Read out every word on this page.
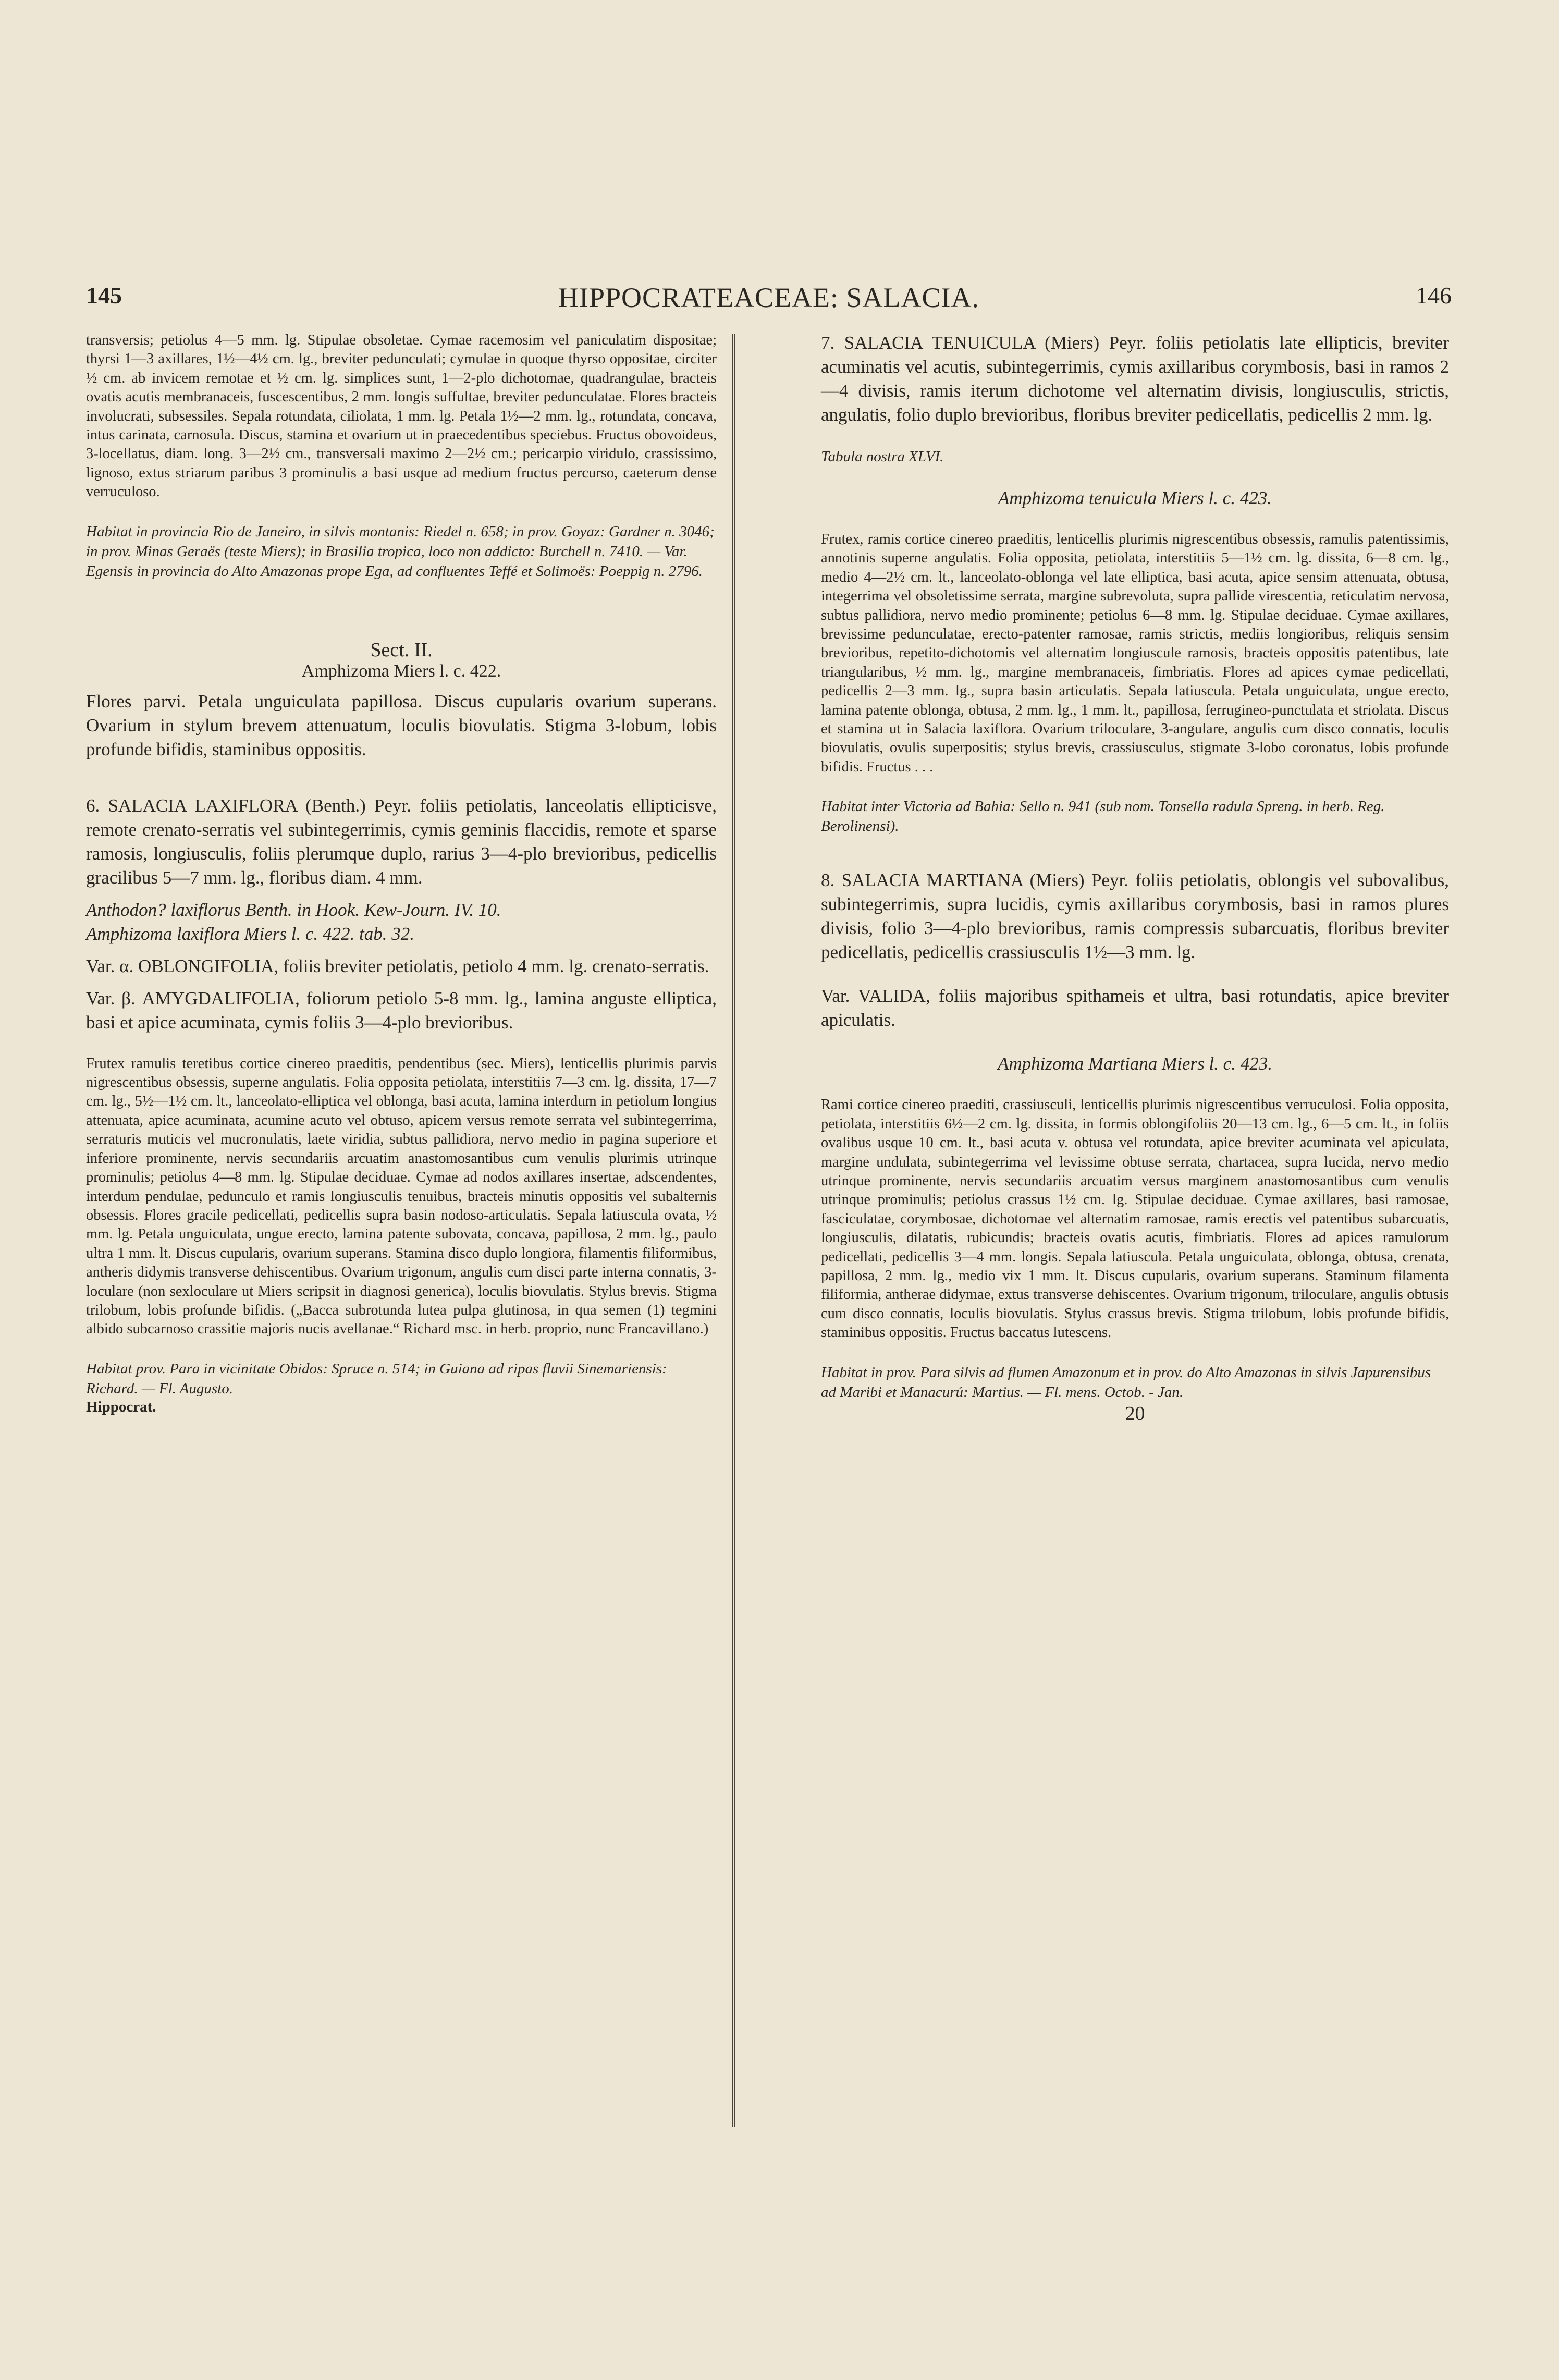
145	HIPPOCRATEACEAE: SALACIA.	146

transversis; petiolus 4—5 mm. lg. Stipulae obsoletae. Cymae racemosim vel paniculatim dispositae; thyrsi 1—3 axillares, 1½—4½ cm. lg., breviter pedunculati; cymulae in quoque thyrso oppositae, circiter ½ cm. ab invicem remotae et ½ cm. lg. simplices sunt, 1—2-plo dichotomae, quadrangulae, bracteis ovatis acutis membranaceis, fuscescentibus, 2 mm. longis suffultae, breviter pedunculatae. Flores bracteis involucrati, subsessiles. Sepala rotundata, ciliolata, 1 mm. lg. Petala 1½—2 mm. lg., rotundata, concava, intus carinata, carnosula. Discus, stamina et ovarium ut in praecedentibus speciebus. Fructus obovoideus, 3-locellatus, diam. long. 3—2½ cm., transversali maximo 2—2½ cm.; pericarpio viridulo, crassissimo, lignoso, extus striarum paribus 3 prominulis a basi usque ad medium fructus percurso, caeterum dense verruculoso.

Habitat in provincia Rio de Janeiro, in silvis montanis: Riedel n. 658; in prov. Goyaz: Gardner n. 3046; in prov. Minas Geraës (teste Miers); in Brasilia tropica, loco non addicto: Burchell n. 7410. — Var. Egensis in provincia do Alto Amazonas prope Ega, ad confluentes Teffé et Solimoës: Poeppig n. 2796.

Sect. II.

Amphizoma Miers l. c. 422.

Flores parvi. Petala unguiculata papillosa. Discus cupularis ovarium superans. Ovarium in stylum brevem attenuatum, loculis biovulatis. Stigma 3-lobum, lobis profunde bifidis, staminibus oppositis.

6. SALACIA LAXIFLORA (Benth.) Peyr. foliis petiolatis, lanceolatis ellipticisve, remote crenato-serratis vel subintegerrimis, cymis geminis flaccidis, remote et sparse ramosis, longiusculis, foliis plerumque duplo, rarius 3—4-plo brevioribus, pedicellis gracilibus 5—7 mm. lg., floribus diam. 4 mm.

Anthodon? laxiflorus Benth. in Hook. Kew-Journ. IV. 10.

Amphizoma laxiflora Miers l. c. 422. tab. 32.

Var. α. OBLONGIFOLIA, foliis breviter petiolatis, petiolo 4 mm. lg. crenato-serratis.

Var. β. AMYGDALIFOLIA, foliorum petiolo 5-8 mm. lg., lamina anguste elliptica, basi et apice acuminata, cymis foliis 3—4-plo brevioribus.

Frutex ramulis teretibus cortice cinereo praeditis, pendentibus (sec. Miers), lenticellis plurimis parvis nigrescentibus obsessis, superne angulatis. Folia opposita petiolata, interstitiis 7—3 cm. lg. dissita, 17—7 cm. lg., 5½—1½ cm. lt., lanceolato-elliptica vel oblonga, basi acuta, lamina interdum in petiolum longius attenuata, apice acuminata, acumine acuto vel obtuso, apicem versus remote serrata vel subintegerrima, serraturis muticis vel mucronulatis, laete viridia, subtus pallidiora, nervo medio in pagina superiore et inferiore prominente, nervis secundariis arcuatim anastomosantibus cum venulis plurimis utrinque prominulis; petiolus 4—8 mm. lg. Stipulae deciduae. Cymae ad nodos axillares insertae, adscendentes, interdum pendulae, pedunculo et ramis longiusculis tenuibus, bracteis minutis oppositis vel subalternis obsessis. Flores gracile pedicellati, pedicellis supra basin nodoso-articulatis. Sepala latiuscula ovata, ½ mm. lg. Petala unguiculata, ungue erecto, lamina patente subovata, concava, papillosa, 2 mm. lg., paulo ultra 1 mm. lt. Discus cupularis, ovarium superans. Stamina disco duplo longiora, filamentis filiformibus, antheris didymis transverse dehiscentibus. Ovarium trigonum, angulis cum disci parte interna connatis, 3-loculare (non sexloculare ut Miers scripsit in diagnosi generica), loculis biovulatis. Stylus brevis. Stigma trilobum, lobis profunde bifidis. („Bacca subrotunda lutea pulpa glutinosa, in qua semen (1) tegmini albido subcarnoso crassitie majoris nucis avellanae.“ Richard msc. in herb. proprio, nunc Francavillano.)

Habitat prov. Para in vicinitate Obidos: Spruce n. 514; in Guiana ad ripas fluvii Sinemariensis: Richard. — Fl. Augusto.

Hippocrat.

7. SALACIA TENUICULA (Miers) Peyr. foliis petiolatis late ellipticis, breviter acuminatis vel acutis, subintegerrimis, cymis axillaribus corymbosis, basi in ramos 2—4 divisis, ramis iterum dichotome vel alternatim divisis, longiusculis, strictis, angulatis, folio duplo brevioribus, floribus breviter pedicellatis, pedicellis 2 mm. lg.

Tabula nostra XLVI.

Amphizoma tenuicula Miers l. c. 423.

Frutex, ramis cortice cinereo praeditis, lenticellis plurimis nigrescentibus obsessis, ramulis patentissimis, annotinis superne angulatis. Folia opposita, petiolata, interstitiis 5—1½ cm. lg. dissita, 6—8 cm. lg., medio 4—2½ cm. lt., lanceolato-oblonga vel late elliptica, basi acuta, apice sensim attenuata, obtusa, integerrima vel obsoletissime serrata, margine subrevoluta, supra pallide virescentia, reticulatim nervosa, subtus pallidiora, nervo medio prominente; petiolus 6—8 mm. lg. Stipulae deciduae. Cymae axillares, brevissime pedunculatae, erecto-patenter ramosae, ramis strictis, mediis longioribus, reliquis sensim brevioribus, repetito-dichotomis vel alternatim longiuscule ramosis, bracteis oppositis patentibus, late triangularibus, ½ mm. lg., margine membranaceis, fimbriatis. Flores ad apices cymae pedicellati, pedicellis 2—3 mm. lg., supra basin articulatis. Sepala latiuscula. Petala unguiculata, ungue erecto, lamina patente oblonga, obtusa, 2 mm. lg., 1 mm. lt., papillosa, ferrugineo-punctulata et striolata. Discus et stamina ut in Salacia laxiflora. Ovarium triloculare, 3-angulare, angulis cum disco connatis, loculis biovulatis, ovulis superpositis; stylus brevis, crassiusculus, stigmate 3-lobo coronatus, lobis profunde bifidis. Fructus . . .

Habitat inter Victoria ad Bahia: Sello n. 941 (sub nom. Tonsella radula Spreng. in herb. Reg. Berolinensi).

8. SALACIA MARTIANA (Miers) Peyr. foliis petiolatis, oblongis vel subovalibus, subintegerrimis, supra lucidis, cymis axillaribus corymbosis, basi in ramos plures divisis, folio 3—4-plo brevioribus, ramis compressis subarcuatis, floribus breviter pedicellatis, pedicellis crassiusculis 1½—3 mm. lg.

Var. VALIDA, foliis majoribus spithameis et ultra, basi rotundatis, apice breviter apiculatis.

Amphizoma Martiana Miers l. c. 423.

Rami cortice cinereo praediti, crassiusculi, lenticellis plurimis nigrescentibus verruculosi. Folia opposita, petiolata, interstitiis 6½—2 cm. lg. dissita, in formis oblongifoliis 20—13 cm. lg., 6—5 cm. lt., in foliis ovalibus usque 10 cm. lt., basi acuta v. obtusa vel rotundata, apice breviter acuminata vel apiculata, margine undulata, subintegerrima vel levissime obtuse serrata, chartacea, supra lucida, nervo medio utrinque prominente, nervis secundariis arcuatim versus marginem anastomosantibus cum venulis utrinque prominulis; petiolus crassus 1½ cm. lg. Stipulae deciduae. Cymae axillares, basi ramosae, fasciculatae, corymbosae, dichotomae vel alternatim ramosae, ramis erectis vel patentibus subarcuatis, longiusculis, dilatatis, rubicundis; bracteis ovatis acutis, fimbriatis. Flores ad apices ramulorum pedicellati, pedicellis 3—4 mm. longis. Sepala latiuscula. Petala unguiculata, oblonga, obtusa, crenata, papillosa, 2 mm. lg., medio vix 1 mm. lt. Discus cupularis, ovarium superans. Staminum filamenta filiformia, antherae didymae, extus transverse dehiscentes. Ovarium trigonum, triloculare, angulis obtusis cum disco connatis, loculis biovulatis. Stylus crassus brevis. Stigma trilobum, lobis profunde bifidis, staminibus oppositis. Fructus baccatus lutescens.

Habitat in prov. Para silvis ad flumen Amazonum et in prov. do Alto Amazonas in silvis Japurensibus ad Maribi et Manacurú: Martius. — Fl. mens. Octob. - Jan.

20
